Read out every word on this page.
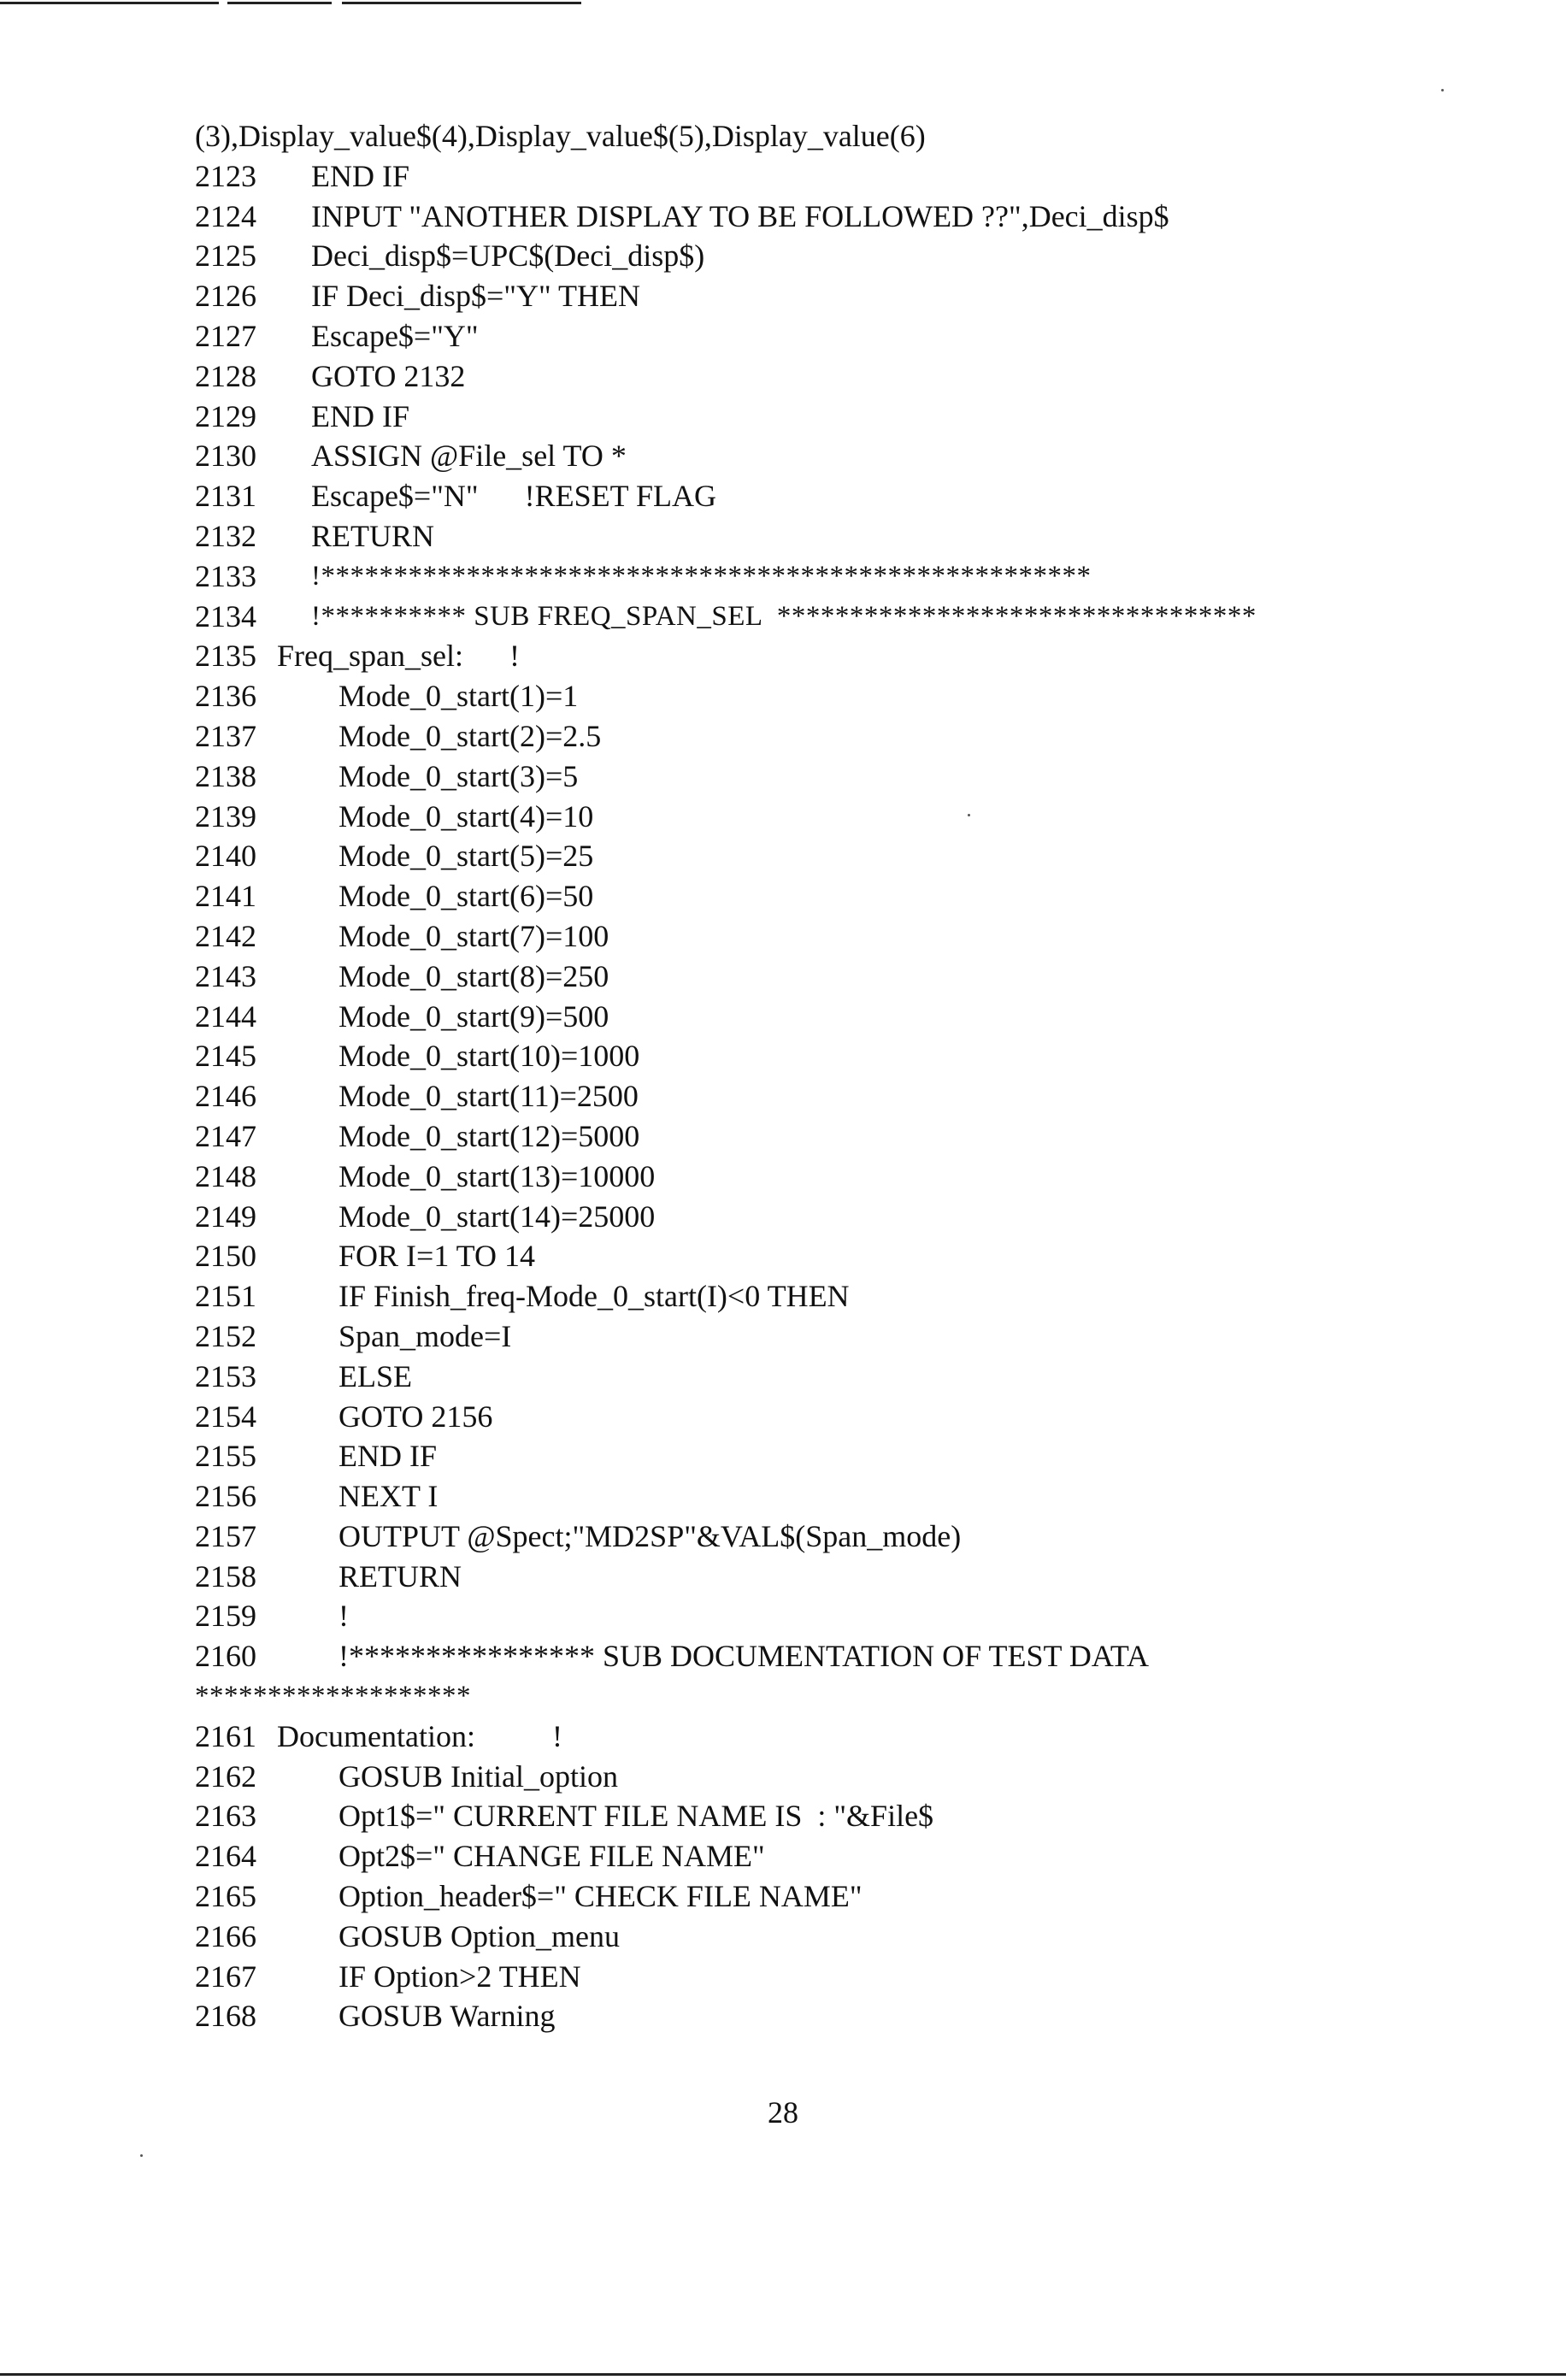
(3),Display_value$(4),Display_value$(5),Display_value(6)
2123 END IF
2124 INPUT "ANOTHER DISPLAY TO BE FOLLOWED ??",Deci_disp$
2125 Deci_disp$=UPC$(Deci_disp$)
2126 IF Deci_disp$="Y" THEN
2127 Escape$="Y"
2128 GOTO 2132
2129 END IF
2130 ASSIGN @File_sel TO *
2131 Escape$="N"      !RESET FLAG
2132 RETURN
2133 !*****************************************************
2134 !********** SUB FREQ_SPAN_SEL  *********************************
2135 Freq_span_sel:      !
2136	Mode_0_start(1)=1
2137	Mode_0_start(2)=2.5
2138	Mode_0_start(3)=5
2139	Mode_0_start(4)=10
2140	Mode_0_start(5)=25
2141	Mode_0_start(6)=50
2142	Mode_0_start(7)=100
2143	Mode_0_start(8)=250
2144	Mode_0_start(9)=500
2145	Mode_0_start(10)=1000
2146	Mode_0_start(11)=2500
2147	Mode_0_start(12)=5000
2148	Mode_0_start(13)=10000
2149	Mode_0_start(14)=25000
2150	FOR I=1 TO 14
2151	IF Finish_freq-Mode_0_start(I)<0 THEN
2152	Span_mode=I
2153	ELSE
2154	GOTO 2156
2155	END IF
2156	NEXT I
2157	OUTPUT @Spect;"MD2SP"&VAL$(Span_mode)
2158	RETURN
2159	!
2160	!**************** SUB DOCUMENTATION OF TEST DATA
*******************
2161 Documentation:          !
2162	GOSUB Initial_option
2163	Opt1$=" CURRENT FILE NAME IS  : "&File$
2164	Opt2$=" CHANGE FILE NAME"
2165	Option_header$=" CHECK FILE NAME"
2166	GOSUB Option_menu
2167	IF Option>2 THEN
2168	GOSUB Warning
28
